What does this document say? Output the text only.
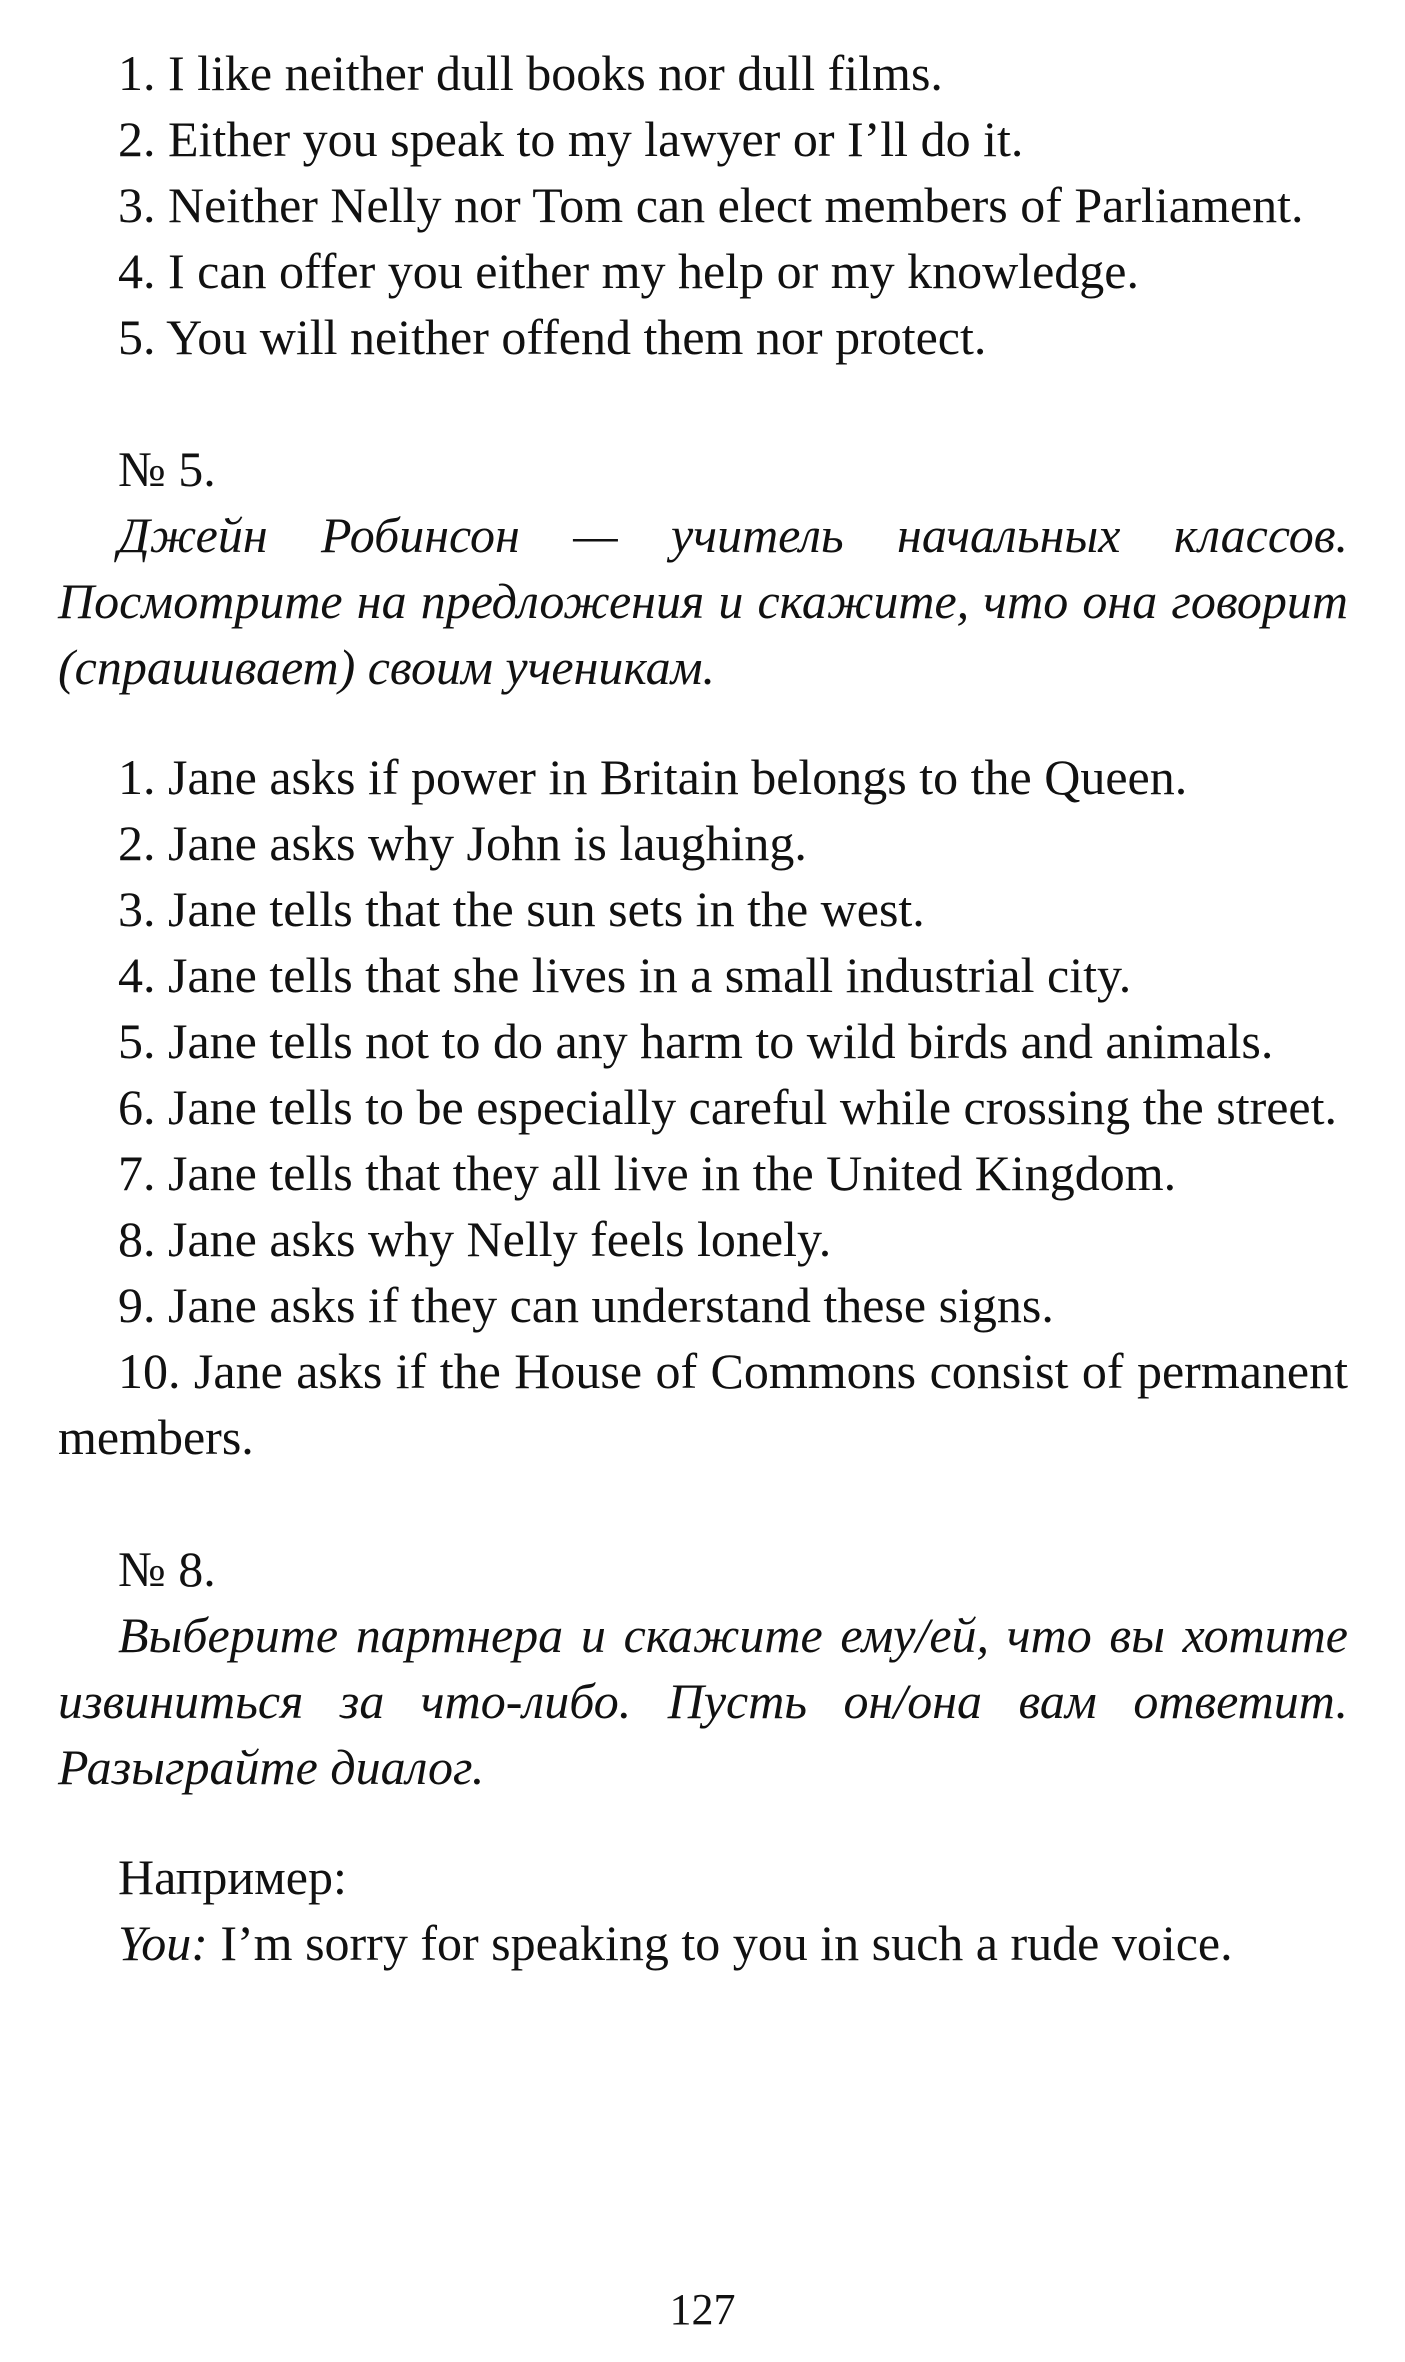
1. I like neither dull books nor dull films.

2. Either you speak to my lawyer or I’ll do it.

3. Neither Nelly nor Tom can elect members of Parliament.

4. I can offer you either my help or my knowledge.

5. You will neither offend them nor protect.

№ 5.

Джейн Робинсон — учитель начальных классов. Посмотрите на предложения и скажите, что она говорит (спрашивает) своим ученикам.

1. Jane asks if power in Britain belongs to the Queen.

2. Jane asks why John is laughing.

3. Jane tells that the sun sets in the west.

4. Jane tells that she lives in a small industrial city.

5. Jane tells not to do any harm to wild birds and animals.

6. Jane tells to be especially careful while crossing the street.

7. Jane tells that they all live in the United Kingdom.

8. Jane asks why Nelly feels lonely.

9. Jane asks if they can understand these signs.

10. Jane asks if the House of Commons consist of permanent members.

№ 8.

Выберите партнера и скажите ему/ей, что вы хотите извиниться за что-либо. Пусть он/она вам ответит. Разыграйте диалог.

Например:

You: I’m sorry for speaking to you in such a rude voice.

127
